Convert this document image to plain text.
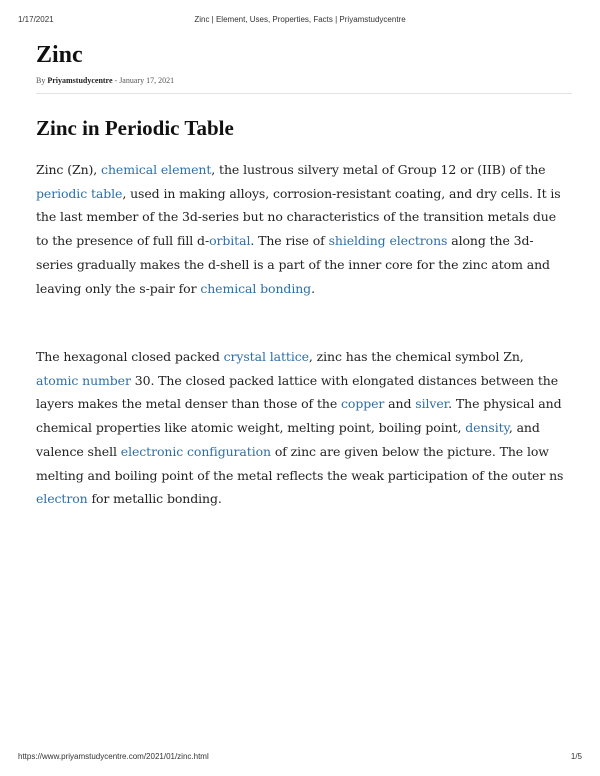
1/17/2021	Zinc | Element, Uses, Properties, Facts | Priyamstudycentre
Zinc
By Priyamstudycentre - January 17, 2021
Zinc in Periodic Table

Zinc (Zn), chemical element, the lustrous silvery metal of Group 12 or (IIB) of the periodic table, used in making alloys, corrosion-resistant coating, and dry cells. It is the last member of the 3d-series but no characteristics of the transition metals due to the presence of full fill d-orbital. The rise of shielding electrons along the 3d-series gradually makes the d-shell is a part of the inner core for the zinc atom and leaving only the s-pair for chemical bonding.

The hexagonal closed packed crystal lattice, zinc has the chemical symbol Zn, atomic number 30. The closed packed lattice with elongated distances between the layers makes the metal denser than those of the copper and silver. The physical and chemical properties like atomic weight, melting point, boiling point, density, and valence shell electronic configuration of zinc are given below the picture. The low melting and boiling point of the metal reflects the weak participation of the outer ns electron for metallic bonding.

https://www.priyamstudycentre.com/2021/01/zinc.html	1/5
